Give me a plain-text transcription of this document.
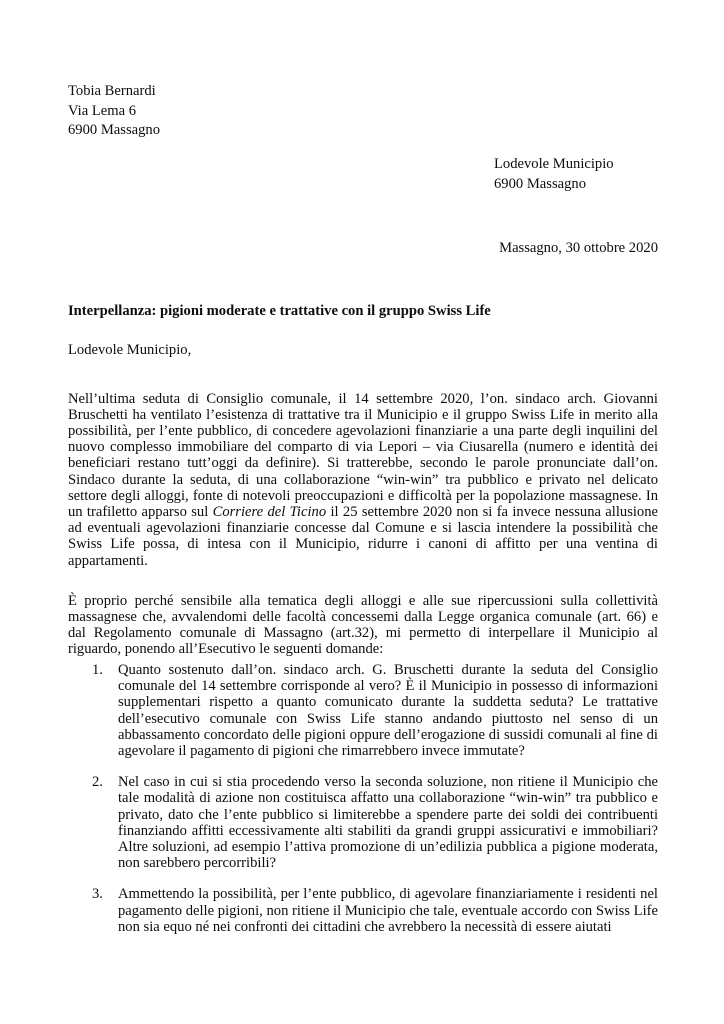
Tobia Bernardi
Via Lema 6
6900 Massagno
Lodevole Municipio
6900 Massagno
Massagno, 30 ottobre 2020
Interpellanza: pigioni moderate e trattative con il gruppo Swiss Life
Lodevole Municipio,

Nell’ultima seduta di Consiglio comunale, il 14 settembre 2020, l’on. sindaco arch. Giovanni Bruschetti ha ventilato l’esistenza di trattative tra il Municipio e il gruppo Swiss Life in merito alla possibilità, per l’ente pubblico, di concedere agevolazioni finanziarie a una parte degli inquilini del nuovo complesso immobiliare del comparto di via Lepori – via Ciusarella (numero e identità dei beneficiari restano tutt’oggi da definire). Si tratterebbe, secondo le parole pronunciate dall’on. Sindaco durante la seduta, di una collaborazione “win-win” tra pubblico e privato nel delicato settore degli alloggi, fonte di notevoli preoccupazioni e difficoltà per la popolazione massagnese. In un trafiletto apparso sul Corriere del Ticino il 25 settembre 2020 non si fa invece nessuna allusione ad eventuali agevolazioni finanziarie concesse dal Comune e si lascia intendere la possibilità che Swiss Life possa, di intesa con il Municipio, ridurre i canoni di affitto per una ventina di appartamenti.

È proprio perché sensibile alla tematica degli alloggi e alle sue ripercussioni sulla collettività massagnese che, avvalendomi delle facoltà concessemi dalla Legge organica comunale (art. 66) e dal Regolamento comunale di Massagno (art.32), mi permetto di interpellare il Municipio al riguardo, ponendo all’Esecutivo le seguenti domande:

1.	Quanto sostenuto dall’on. sindaco arch. G. Bruschetti durante la seduta del Consiglio comunale del 14 settembre corrisponde al vero? È il Municipio in possesso di informazioni supplementari rispetto a quanto comunicato durante la suddetta seduta? Le trattative dell’esecutivo comunale con Swiss Life stanno andando piuttosto nel senso di un abbassamento concordato delle pigioni oppure dell’erogazione di sussidi comunali al fine di agevolare il pagamento di pigioni che rimarrebbero invece immutate?
2.	Nel caso in cui si stia procedendo verso la seconda soluzione, non ritiene il Municipio che tale modalità di azione non costituisca affatto una collaborazione “win-win” tra pubblico e privato, dato che l’ente pubblico si limiterebbe a spendere parte dei soldi dei contribuenti finanziando affitti eccessivamente alti stabiliti da grandi gruppi assicurativi e immobiliari? Altre soluzioni, ad esempio l’attiva promozione di un’edilizia pubblica a pigione moderata, non sarebbero percorribili?
3.	Ammettendo la possibilità, per l’ente pubblico, di agevolare finanziariamente i residenti nel pagamento delle pigioni, non ritiene il Municipio che tale, eventuale accordo con Swiss Life non sia equo né nei confronti dei cittadini che avrebbero la necessità di essere aiutati
